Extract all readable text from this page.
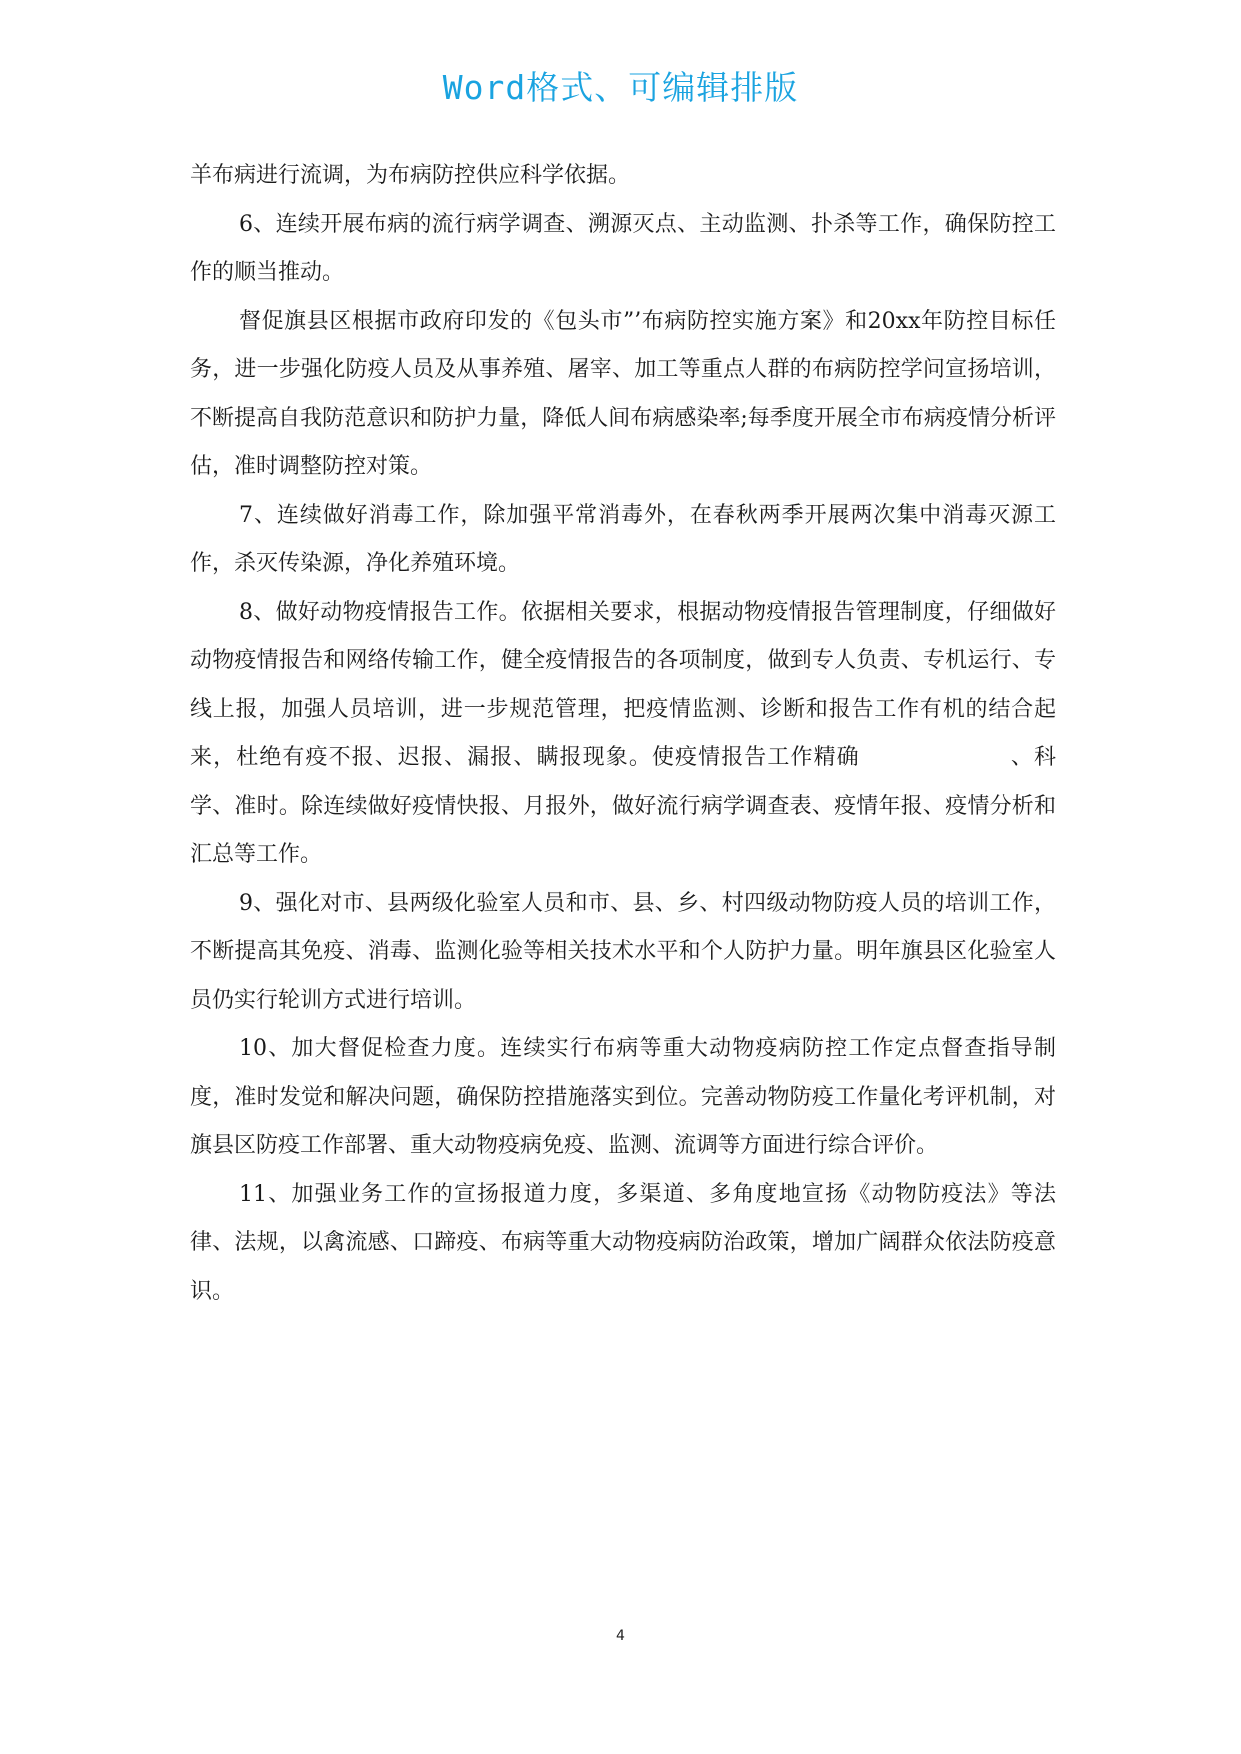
Word格式、可编辑排版

羊布病进行流调，为布病防控供应科学依据。

6、连续开展布病的流行病学调查、溯源灭点、主动监测、扑杀等工作，确保防控工作的顺当推动。

督促旗县区根据市政府印发的《包头市”’布病防控实施方案》和20xx年防控目标任务，进一步强化防疫人员及从事养殖、屠宰、加工等重点人群的布病防控学问宣扬培训，不断提高自我防范意识和防护力量，降低人间布病感染率;每季度开展全市布病疫情分析评估，准时调整防控对策。

7、连续做好消毒工作，除加强平常消毒外，在春秋两季开展两次集中消毒灭源工作，杀灭传染源，净化养殖环境。

8、做好动物疫情报告工作。依据相关要求，根据动物疫情报告管理制度，仔细做好动物疫情报告和网络传输工作，健全疫情报告的各项制度，做到专人负责、专机运行、专线上报，加强人员培训，进一步规范管理，把疫情监测、诊断和报告工作有机的结合起来，杜绝有疫不报、迟报、漏报、瞒报现象。使疫情报告工作精确	、科学、准时。除连续做好疫情快报、月报外，做好流行病学调查表、疫情年报、疫情分析和汇总等工作。

9、强化对市、县两级化验室人员和市、县、乡、村四级动物防疫人员的培训工作，不断提高其免疫、消毒、监测化验等相关技术水平和个人防护力量。明年旗县区化验室人员仍实行轮训方式进行培训。

10、加大督促检查力度。连续实行布病等重大动物疫病防控工作定点督查指导制度，准时发觉和解决问题，确保防控措施落实到位。完善动物防疫工作量化考评机制，对旗县区防疫工作部署、重大动物疫病免疫、监测、流调等方面进行综合评价。

11、加强业务工作的宣扬报道力度，多渠道、多角度地宣扬《动物防疫法》等法律、法规，以禽流感、口蹄疫、布病等重大动物疫病防治政策，增加广阔群众依法防疫意识。

4
